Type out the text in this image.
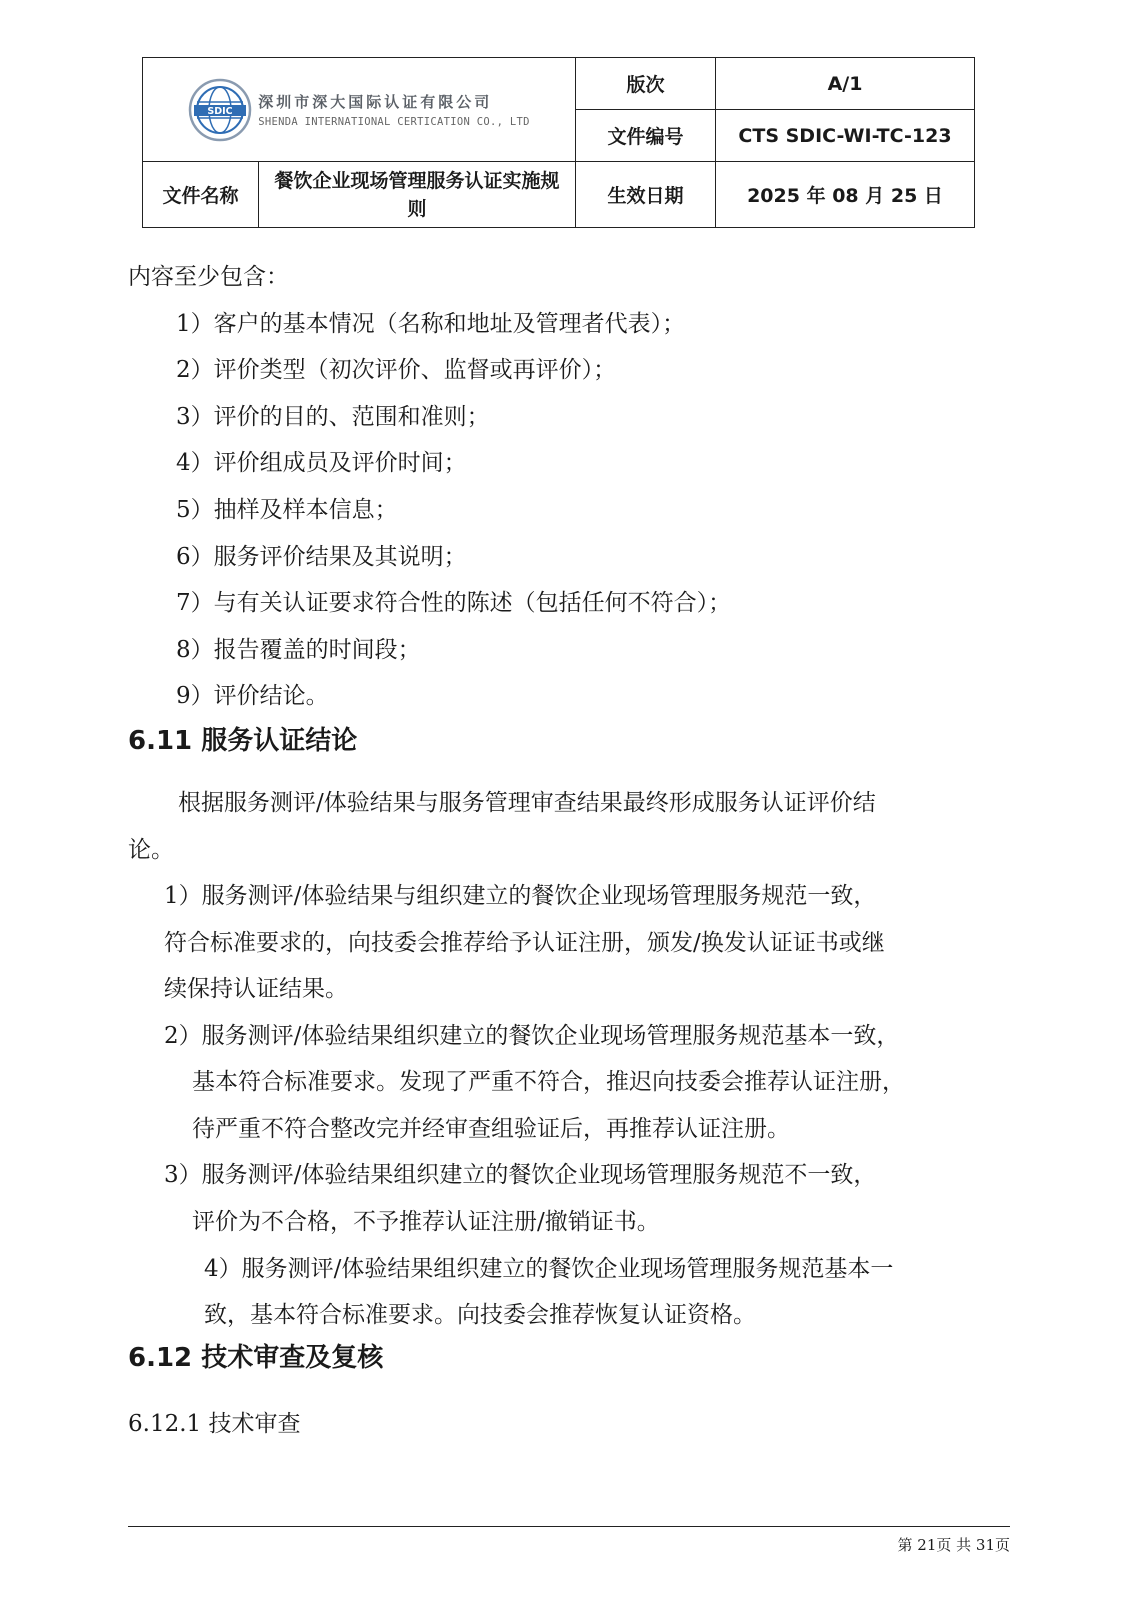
SDIC 深圳市深大国际认证有限公司
SHENDA INTERNATIONAL CERTICATION CO., LTD		版次	A/1
		文件编号	CTS SDIC-WI-TC-123
文件名称	餐饮企业现场管理服务认证实施规则	生效日期	2025 年 08 月 25 日
内容至少包含：
1）客户的基本情况（名称和地址及管理者代表）；
2）评价类型（初次评价、监督或再评价）；
3）评价的目的、范围和准则；
4）评价组成员及评价时间；
5）抽样及样本信息；
6）服务评价结果及其说明；
7）与有关认证要求符合性的陈述（包括任何不符合）；
8）报告覆盖的时间段；
9）评价结论。
6.11 服务认证结论
根据服务测评/体验结果与服务管理审查结果最终形成服务认证评价结
论。
1）服务测评/体验结果与组织建立的餐饮企业现场管理服务规范一致，
符合标准要求的，向技委会推荐给予认证注册，颁发/换发认证证书或继
续保持认证结果。
2）服务测评/体验结果组织建立的餐饮企业现场管理服务规范基本一致，
基本符合标准要求。发现了严重不符合，推迟向技委会推荐认证注册，
待严重不符合整改完并经审查组验证后，再推荐认证注册。
3）服务测评/体验结果组织建立的餐饮企业现场管理服务规范不一致，
评价为不合格，不予推荐认证注册/撤销证书。
4）服务测评/体验结果组织建立的餐饮企业现场管理服务规范基本一
致，基本符合标准要求。向技委会推荐恢复认证资格。
6.12 技术审查及复核
6.12.1 技术审查
第 21页 共 31页
